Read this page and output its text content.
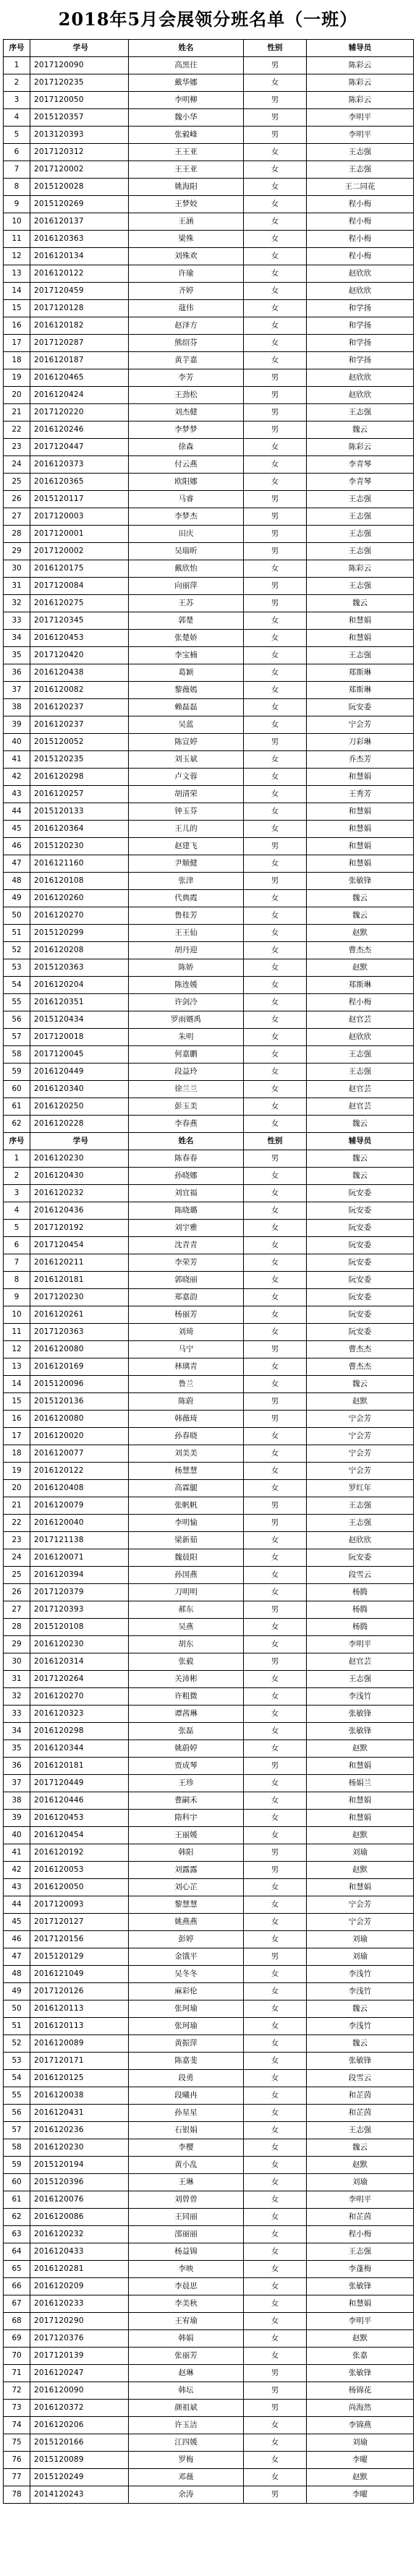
2018年5月会展领分班名单（一班）
序号	学号	姓名	性别	辅导员
1	2017120090	高黑往	男	陈彩云
2	2017120235	戴华娜	女	陈彩云
3	2017120050	李明柳	男	陈彩云
4	2015120357	魏小华	男	李明平
5	2013120393	张毅峰	男	李明平
6	2017120312	王王亚	女	王志强
7	2017120002	王王亚	女	王志强
8	2015120028	姚海阳	女	王二同花
9	2015120269	王梦姣	女	程小梅
10	2016120137	王涵	女	程小梅
11	2016120363	梁殊	女	程小梅
12	2016120134	刘殊欢	女	程小梅
13	2016120122	许瑜	女	赵欣欣
14	2017120459	齐婷	女	赵欣欣
15	2017120128	蔻伟	女	和学扬
16	2016120182	赵泽方	女	和学扬
17	2017120287	熊绍芬	女	和学扬
18	2016120187	黄芋嘉	女	和学扬
19	2016120465	李芳	男	赵欣欣
20	2016120424	王劲松	男	赵欣欣
21	2017120220	刘杰健	男	王志强
22	2016120246	李梦梦	男	魏云
23	2017120447	徐森	女	陈彩云
24	2016120373	付云燕	女	李青琴
25	2016120365	欧阳娜	女	李青琴
26	2015120117	马睿	男	王志强
27	2017120003	李梦杰	男	王志强
28	2017120001	田庆	男	王志强
29	2017120002	吴瑞昕	男	王志强
30	2016120175	戴欣怡	女	陈彩云
31	2017120084	向丽萍	男	王志强
32	2016120275	王苏	男	魏云
33	2017120345	郭楚	女	和慧娟
34	2016120453	张楚娇	女	和慧娟
35	2017120420	李宝楠	女	王志强
36	2016120438	葛颖	女	郑斯琳
37	2016120082	黎薇嫣	女	郑斯琳
38	2016120237	赖磊磊	女	阮安委
39	2016120237	吴蓝	女	宁会芳
40	2015120052	陈宣婷	男	刀彩琳
41	2015120235	刘玉斌	女	乔杰芳
42	2016120298	卢文蓉	女	和慧娟
43	2016120257	胡清荣	女	王秀芳
44	2015120133	钟玉芬	女	和慧娟
45	2016120364	王儿的	女	和慧娟
46	2015120230	赵建飞	男	和慧娟
47	2016121160	尹顺健	女	和慧娟
48	2016120108	张津	男	张敏锋
49	2016120260	代典霞	女	魏云
50	2016120270	鲁桂芳	女	魏云
51	2015120299	王王仙	女	赵默
52	2016120208	胡丹迎	女	曹杰杰
53	2015120363	陈娇	女	赵默
54	2016120204	陈连媛	女	郑斯琳
55	2016120351	许剑冷	女	程小梅
56	2015120434	罗雨婿禹	女	赵官芸
57	2017120018	朱明	女	赵欣欣
58	2017120045	何嘉鹏	女	王志强
59	2016120449	段益玲	女	王志强
60	2016120340	徐兰兰	女	赵官芸
61	2016120250	彭玉美	女	赵官芸
62	2016120228	李春燕	女	魏云
序号	学号	姓名	性别	辅导员
1	2016120230	陈春春	男	魏云
2	2016120430	孙晓娜	女	魏云
3	2016120232	刘宜福	女	阮安委
4	2016120436	陈晓璐	女	阮安委
5	2017120192	刘宇雅	女	阮安委
6	2017120454	沈青青	女	阮安委
7	2016120211	李荣芳	女	阮安委
8	2016120181	郭晓丽	女	阮安委
9	2017120230	郑嘉韵	女	阮安委
10	2016120261	杨丽芳	女	阮安委
11	2017120363	刘琦	女	阮安委
12	2016120080	马宁	男	曹杰杰
13	2016120169	林璃青	女	曹杰杰
14	2015120096	鲁兰	女	魏云
15	2015120136	陈蔚	男	赵默
16	2016120080	韩薇琦	男	宁会芳
17	2016120020	孙春晓	女	宁会芳
18	2016120077	刘美美	女	宁会芳
19	2016120122	杨慧慧	女	宁会芳
20	2016120408	高霖腿	女	罗红年
21	2016120079	张帆帆	男	王志强
22	2016120040	李明愉	男	王志强
23	2017121138	梁新茹	女	赵欣欣
24	2016120071	魏晨阳	女	阮安委
25	2016120394	孙国燕	女	段雪云
26	2017120379	刀明明	女	杨腾
27	2017120393	郝东	男	杨腾
28	2015120108	吴燕	女	杨腾
29	2016120230	胡东	女	李明平
30	2016120314	张毅	男	赵官芸
31	2017120264	关沛彬	女	王志强
32	2016120270	许粗微	女	李浅竹
33	2016120323	谭茜琳	女	张敏锋
34	2016120298	张磊	女	张敏锋
35	2016120344	姚蔚婷	女	赵默
36	2016120181	贾成琴	男	和慧娟
37	2017120449	王珍	女	杨娟兰
38	2016120446	曹嗣禾	女	和慧娟
39	2016120453	隋科宇	女	和慧娟
40	2016120454	王丽媛	女	赵默
41	2016120192	韩阳	男	刘瑜
42	2016120053	刘露露	男	赵默
43	2016120050	刘心芷	女	和慧娟
44	2017120093	黎慧慧	女	宁会芳
45	2017120127	姚燕燕	女	宁会芳
46	2017120156	彭婷	女	刘瑜
47	2015120129	金饿平	男	刘瑜
48	2016121049	吴冬冬	女	李浅竹
49	2017120126	麻彩伦	女	李浅竹
50	2016120113	张珂瑜	女	魏云
51	2016120113	张珂瑜	女	李浅竹
52	2016120089	黄振萍	女	魏云
53	2017120171	陈嘉斐	女	张敏锋
54	2016120125	段勇	女	段雪云
55	2016120038	段曦冉	女	和芷茵
56	2016120431	孙星星	女	和芷茵
57	2016120236	石银娟	女	王志强
58	2016120230	李樱	女	魏云
59	2015120194	黄小乱	女	赵默
60	2015120396	王琳	女	刘瑜
61	2016120076	刘曾曾	女	李明平
62	2016120086	王同丽	女	和芷茵
63	2016120232	邵丽丽	女	程小梅
64	2016120433	杨益锦	女	王志强
65	2016120281	李映	女	李蓬梅
66	2016120209	李晨思	女	张敏锋
67	2016120233	李美秋	女	和慧娟
68	2017120290	王宥瑜	女	李明平
69	2017120376	韩娟	女	赵默
70	2017120139	张丽芳	女	张嘉
71	2016120247	赵琳	男	张敏锋
72	2016120090	韩坛	男	杨锦花
73	2016120372	颜祖斌	男	尚海然
74	2016120206	许玉洁	女	李锦燕
75	2015120166	江四媛	女	刘瑜
76	2015120089	罗梅	女	李曜
77	2015120249	邓薇	女	赵默
78	2014120243	余涛	男	李曜
